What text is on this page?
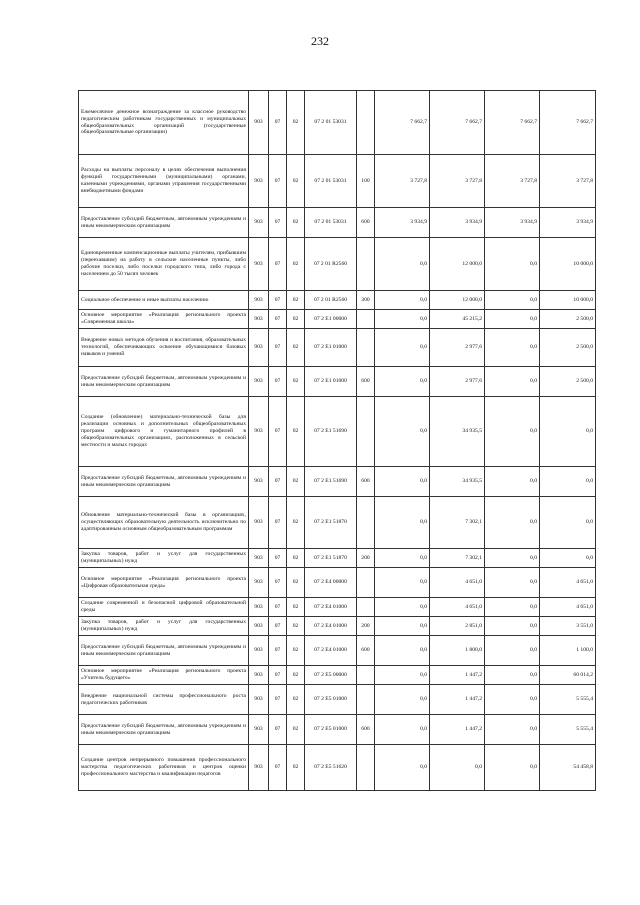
232
Ежемесячное денежное вознаграждение за классное руководство педагогическим работникам государственных и муниципальных общеобразовательных организаций (государственные общеобразовательные организации)	903	07	02	07 2 01 53031		7 662,7	7 662,7	7 662,7	7 662,7
Расходы на выплаты персоналу в целях обеспечения выполнения функций государственными (муниципальными) органами, казенными учреждениями, органами управления государственными внебюджетными фондами	903	07	02	07 2 01 53031	100	3 727,8	3 727,8	3 727,8	3 727,8
Предоставление субсидий бюджетным, автономным учреждениям и иным некоммерческим организациям	903	07	02	07 2 01 53031	600	3 934,9	3 934,9	3 934,9	3 934,9
Единовременные компенсационные выплаты учителям, прибывшим (переехавшим) на работу в сельские населенные пункты, либо рабочие поселки, либо поселки городского типа, либо города с населением до 50 тысяч человек	903	07	02	07 2 01 R2560		0,0	12 000,0	0,0	10 000,0
Социальное обеспечение и иные выплаты населению	903	07	02	07 2 01 R2560	300	0,0	12 000,0	0,0	10 000,0
Основное мероприятие «Реализация регионального проекта «Современная школа»	903	07	02	07 2 E1 00000		0,0	45 215,2	0,0	2 500,0
Внедрение новых методов обучения и воспитания, образовательных технологий, обеспечивающих освоение обучающимися базовых навыков и умений	903	07	02	07 2 E1 01000		0,0	2 977,6	0,0	2 500,0
Предоставление субсидий бюджетным, автономным учреждениям и иным некоммерческим организациям	903	07	02	07 2 E1 01000	600	0,0	2 977,6	0,0	2 500,0
Создание (обновление) материально-технической базы для реализации основных и дополнительных общеобразовательных программ цифрового и гуманитарного профилей в общеобразовательных организациях, расположенных в сельской местности и малых городах	903	07	02	07 2 E1 51690		0,0	34 935,5	0,0	0,0
Предоставление субсидий бюджетным, автономным учреждениям и иным некоммерческим организациям	903	07	02	07 2 E1 51690	600	0,0	34 935,5	0,0	0,0
Обновление материально-технической базы в организациях, осуществляющих образовательную деятельность исключительно по адаптированным основным общеобразовательным программам	903	07	02	07 2 E1 51870		0,0	7 302,1	0,0	0,0
Закупка товаров, работ и услуг для государственных (муниципальных) нужд	903	07	02	07 2 E1 51870	200	0,0	7 302,1	0,0	0,0
Основное мероприятие «Реализация регионального проекта «Цифровая образовательная среда»	903	07	02	07 2 E4 00000		0,0	4 651,0	0,0	4 651,0
Создание современной и безопасной цифровой образовательной среды	903	07	02	07 2 E4 01000		0,0	4 651,0	0,0	4 651,0
Закупка товаров, работ и услуг для государственных (муниципальных) нужд	903	07	02	07 2 E4 01000	200	0,0	2 851,0	0,0	3 551,0
Предоставление субсидий бюджетным, автономным учреждениям и иным некоммерческим организациям	903	07	02	07 2 E4 01000	600	0,0	1 800,0	0,0	1 100,0
Основное мероприятие «Реализация регионального проекта «Учитель будущего»	903	07	02	07 2 E5 00000		0,0	1 447,2	0,0	60 014,2
Внедрение национальной системы профессионального роста педагогических работников	903	07	02	07 2 E5 01000		0,0	1 447,2	0,0	5 555,4
Предоставление субсидий бюджетным, автономным учреждениям и иным некоммерческим организациям	903	07	02	07 2 E5 01000	600	0,0	1 447,2	0,0	5 555,4
Создание центров непрерывного повышения профессионального мастерства педагогических работников и центров оценки профессионального мастерства и квалификации педагогов	903	07	02	07 2 E5 51620		0,0	0,0	0,0	54 458,8
